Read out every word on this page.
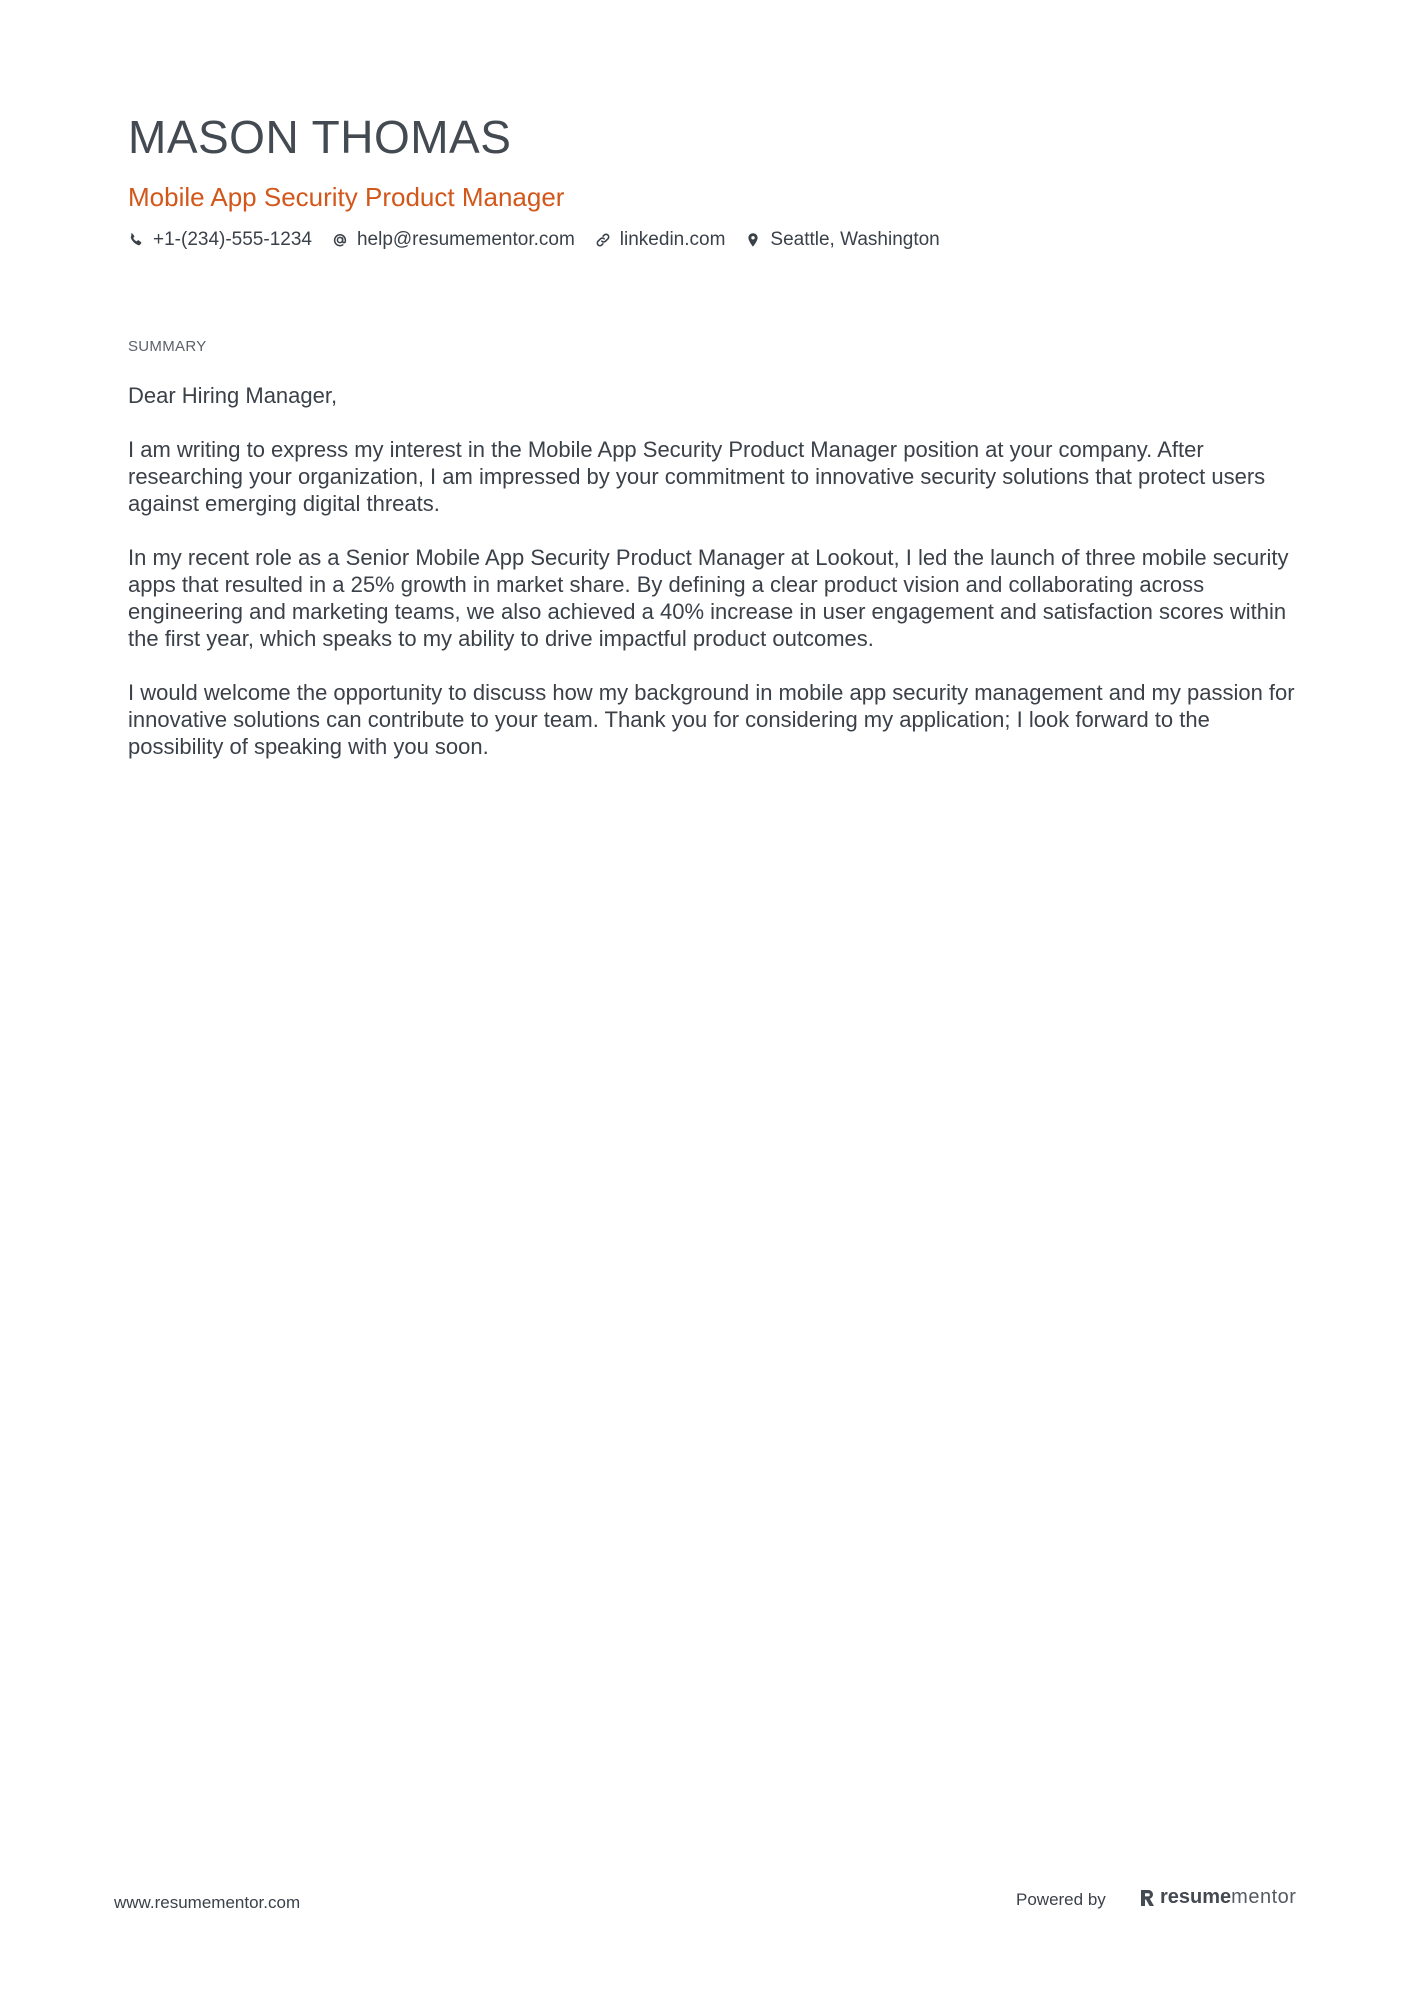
MASON THOMAS
Mobile App Security Product Manager
+1-(234)-555-1234 help@resumementor.com linkedin.com Seattle, Washington
SUMMARY

Dear Hiring Manager,

I am writing to express my interest in the Mobile App Security Product Manager position at your company. After researching your organization, I am impressed by your commitment to innovative security solutions that protect users against emerging digital threats.

In my recent role as a Senior Mobile App Security Product Manager at Lookout, I led the launch of three mobile security apps that resulted in a 25% growth in market share. By defining a clear product vision and collaborating across engineering and marketing teams, we also achieved a 40% increase in user engagement and satisfaction scores within the first year, which speaks to my ability to drive impactful product outcomes.

I would welcome the opportunity to discuss how my background in mobile app security management and my passion for innovative solutions can contribute to your team. Thank you for considering my application; I look forward to the possibility of speaking with you soon.

www.resumementor.com	Powered by	resume mentor
